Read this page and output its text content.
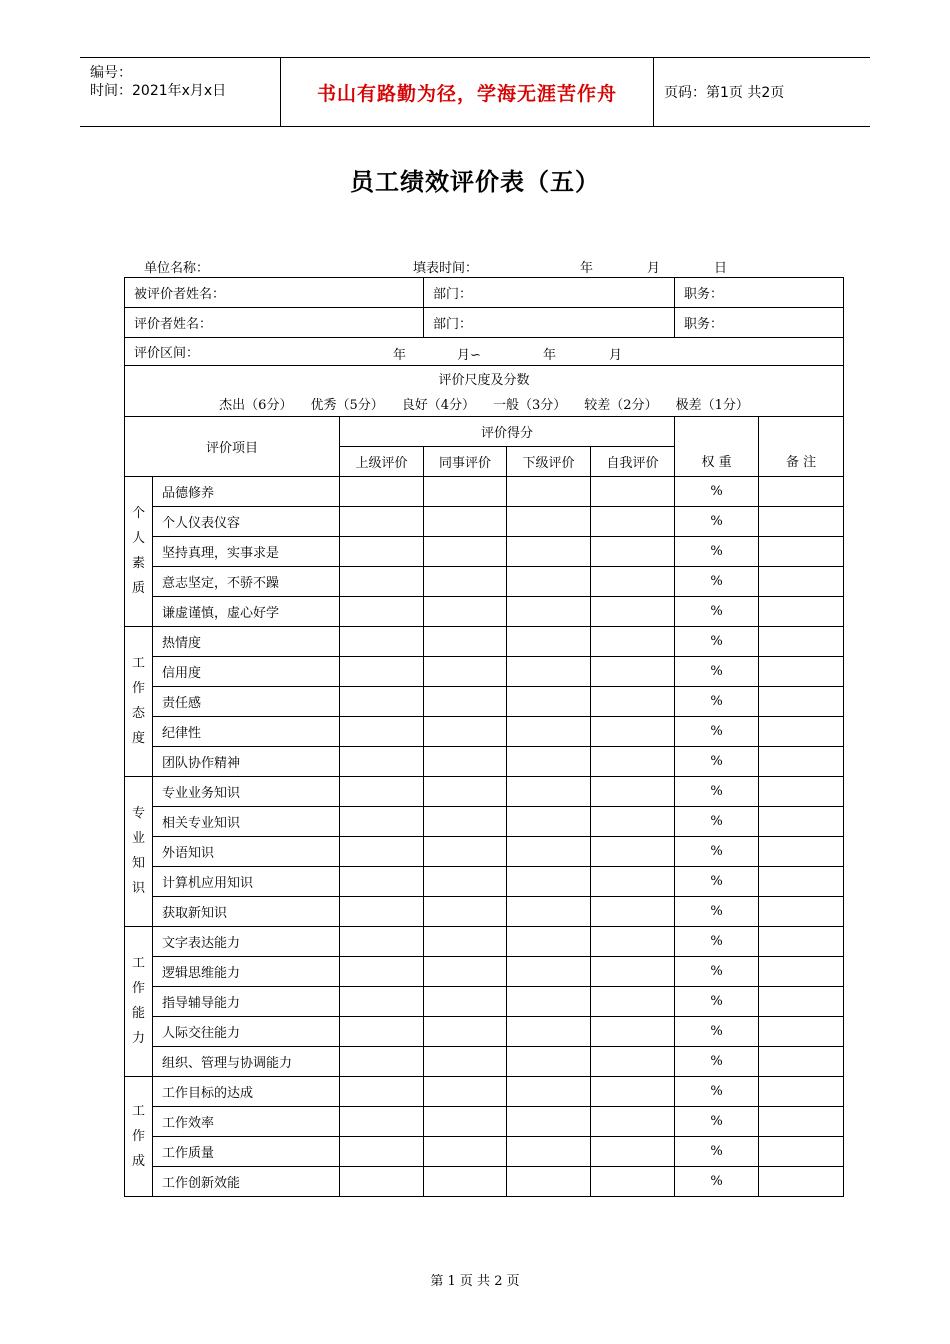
编号：
时间：2021年x月x日	书山有路勤为径，学海无涯苦作舟	页码：第1页 共2页
员工绩效评价表（五）
单位名称：	填表时间：	年	月	日
被评价者姓名：			部门：			职务：	
评价者姓名：			部门：			职务：	
评价区间： 年 月∽ 年 月							

评价尺度及分数
杰出（6分） 优秀（5分） 良好（4分） 一般（3分） 较差（2分） 极差（1分）							

评价项目		评价得分					
		上级评价	同事评价	下级评价	自我评价	权 重	备 注

个
人
素
质	品德修养					%	
	个人仪表仪容					%	
	坚持真理，实事求是					%	
	意志坚定，不骄不躁					%	
	谦虚谨慎，虚心好学					%	

工
作
态
度	热情度					%	
	信用度					%	
	责任感					%	
	纪律性					%	
	团队协作精神					%	

专
业
知
识	专业业务知识					%	
	相关专业知识					%	
	外语知识					%	
	计算机应用知识					%	
	获取新知识					%	

工
作
能
力	文字表达能力					%	
	逻辑思维能力					%	
	指导辅导能力					%	
	人际交往能力					%	
	组织、管理与协调能力					%	

工
作
成	工作目标的达成					%	
	工作效率					%	
	工作质量					%	
	工作创新效能					%	
第 1 页 共 2 页
